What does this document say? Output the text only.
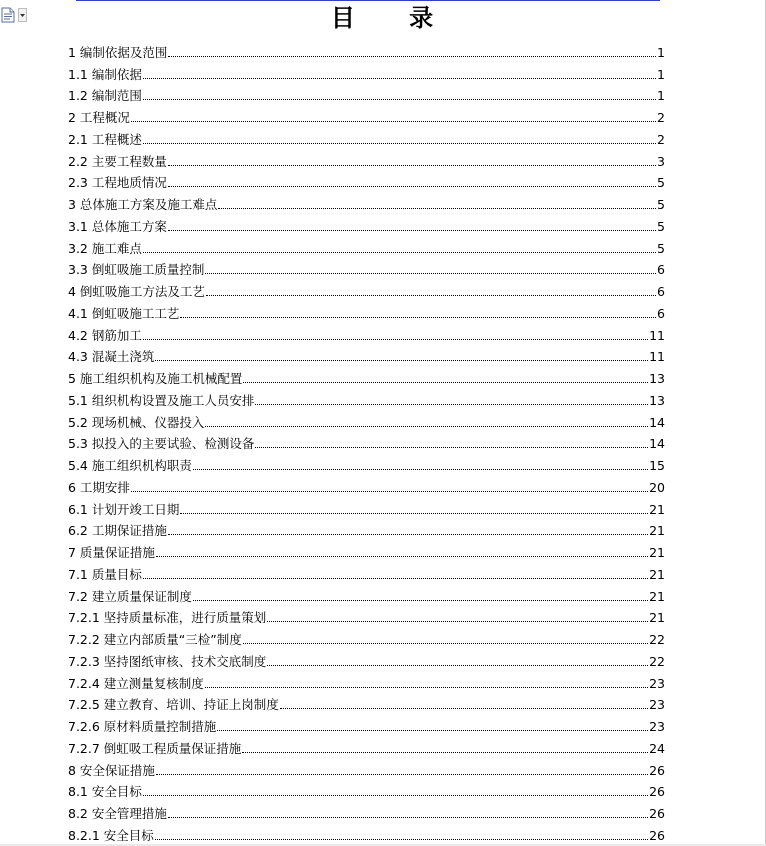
目 录
1 编制依据及范围	1
1.1 编制依据	1
1.2 编制范围	1
2 工程概况	2
2.1 工程概述	2
2.2 主要工程数量	3
2.3 工程地质情况	5
3 总体施工方案及施工难点	5
3.1 总体施工方案	5
3.2 施工难点	5
3.3 倒虹吸施工质量控制	6
4 倒虹吸施工方法及工艺	6
4.1 倒虹吸施工工艺	6
4.2 钢筋加工	11
4.3 混凝土浇筑	11
5 施工组织机构及施工机械配置	13
5.1 组织机构设置及施工人员安排	13
5.2 现场机械、仪器投入	14
5.3 拟投入的主要试验、检测设备	14
5.4 施工组织机构职责	15
6 工期安排	20
6.1 计划开竣工日期	21
6.2 工期保证措施	21
7 质量保证措施	21
7.1 质量目标	21
7.2 建立质量保证制度	21
7.2.1 坚持质量标准，进行质量策划	21
7.2.2 建立内部质量“三检”制度	22
7.2.3 坚持图纸审核、技术交底制度	22
7.2.4 建立测量复核制度	23
7.2.5 建立教育、培训、持证上岗制度	23
7.2.6 原材料质量控制措施	23
7.2.7 倒虹吸工程质量保证措施	24
8 安全保证措施	26
8.1 安全目标	26
8.2 安全管理措施	26
8.2.1 安全目标	26
